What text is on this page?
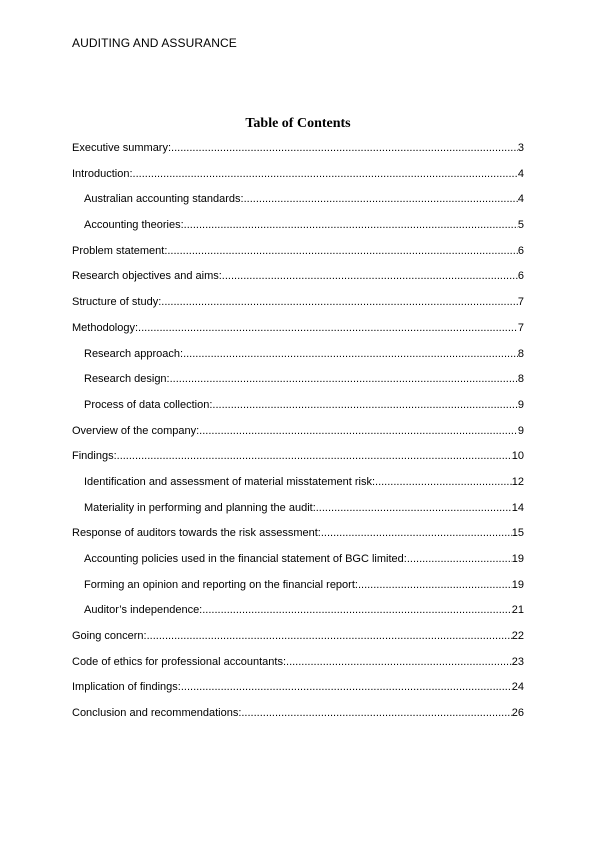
AUDITING AND ASSURANCE
Table of Contents
Executive summary: .....	3
Introduction: .....	4
Australian accounting standards: .....	4
Accounting theories: .....	5
Problem statement: .....	6
Research objectives and aims: .....	6
Structure of study: .....	7
Methodology: .....	7
Research approach: .....	8
Research design: .....	8
Process of data collection: .....	9
Overview of the company: .....	9
Findings: .....	10
Identification and assessment of material misstatement risk: .....	12
Materiality in performing and planning the audit: .....	14
Response of auditors towards the risk assessment: .....	15
Accounting policies used in the financial statement of BGC limited: .....	19
Forming an opinion and reporting on the financial report: .....	19
Auditor’s independence: .....	21
Going concern: .....	22
Code of ethics for professional accountants: .....	23
Implication of findings: .....	24
Conclusion and recommendations: .....	26
